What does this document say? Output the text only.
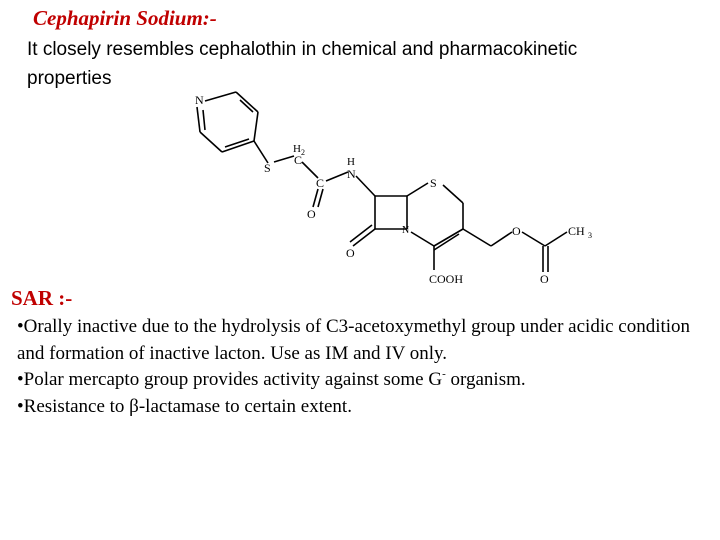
Cephapirin Sodium:-

It closely resembles cephalothin in chemical and pharmacokinetic properties

N
S
H 2
C
C
O
H
N
S
N
O
O	CH 3
O
COOH
SAR :-
•Orally inactive due to the hydrolysis of C3-acetoxymethyl group under acidic condition and formation of inactive lacton. Use as IM and IV only.
•Polar mercapto group provides activity against some G- organism.
•Resistance to β-lactamase to certain extent.
